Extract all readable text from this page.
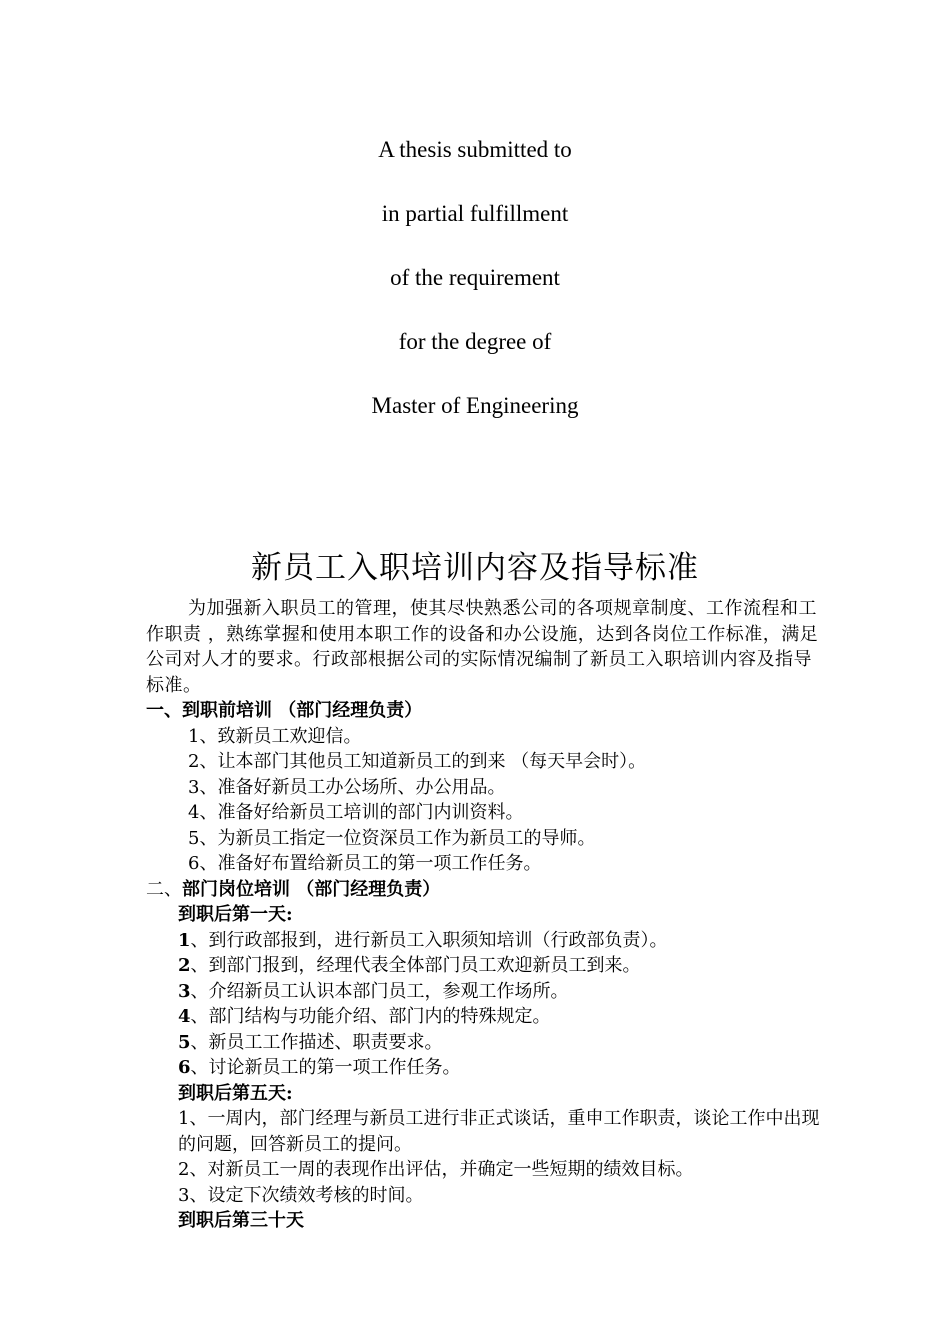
A thesis submitted to
in partial fulfillment
of the requirement
for the degree of
Master of Engineering
新员工入职培训内容及指导标准

为加强新入职员工的管理，使其尽快熟悉公司的各项规章制度、工作流程和工作职责 ，熟练掌握和使用本职工作的设备和办公设施，达到各岗位工作标准，满足公司对人才的要求。行政部根据公司的实际情况编制了新员工入职培训内容及指导标准。

一、到职前培训 （部门经理负责）

1、致新员工欢迎信。

2、让本部门其他员工知道新员工的到来 （每天早会时）。

3、准备好新员工办公场所、办公用品。

4、准备好给新员工培训的部门内训资料。

5、为新员工指定一位资深员工作为新员工的导师。

6、准备好布置给新员工的第一项工作任务。

二、部门岗位培训 （部门经理负责）

到职后第一天:

1、到行政部报到，进行新员工入职须知培训（行政部负责）。

2、到部门报到，经理代表全体部门员工欢迎新员工到来。

3、介绍新员工认识本部门员工，参观工作场所。

4、部门结构与功能介绍、部门内的特殊规定。

5、新员工工作描述、职责要求。

6、讨论新员工的第一项工作任务。

到职后第五天:

1、一周内，部门经理与新员工进行非正式谈话，重申工作职责，谈论工作中出现的问题，回答新员工的提问。

2、对新员工一周的表现作出评估，并确定一些短期的绩效目标。

3、设定下次绩效考核的时间。

到职后第三十天
